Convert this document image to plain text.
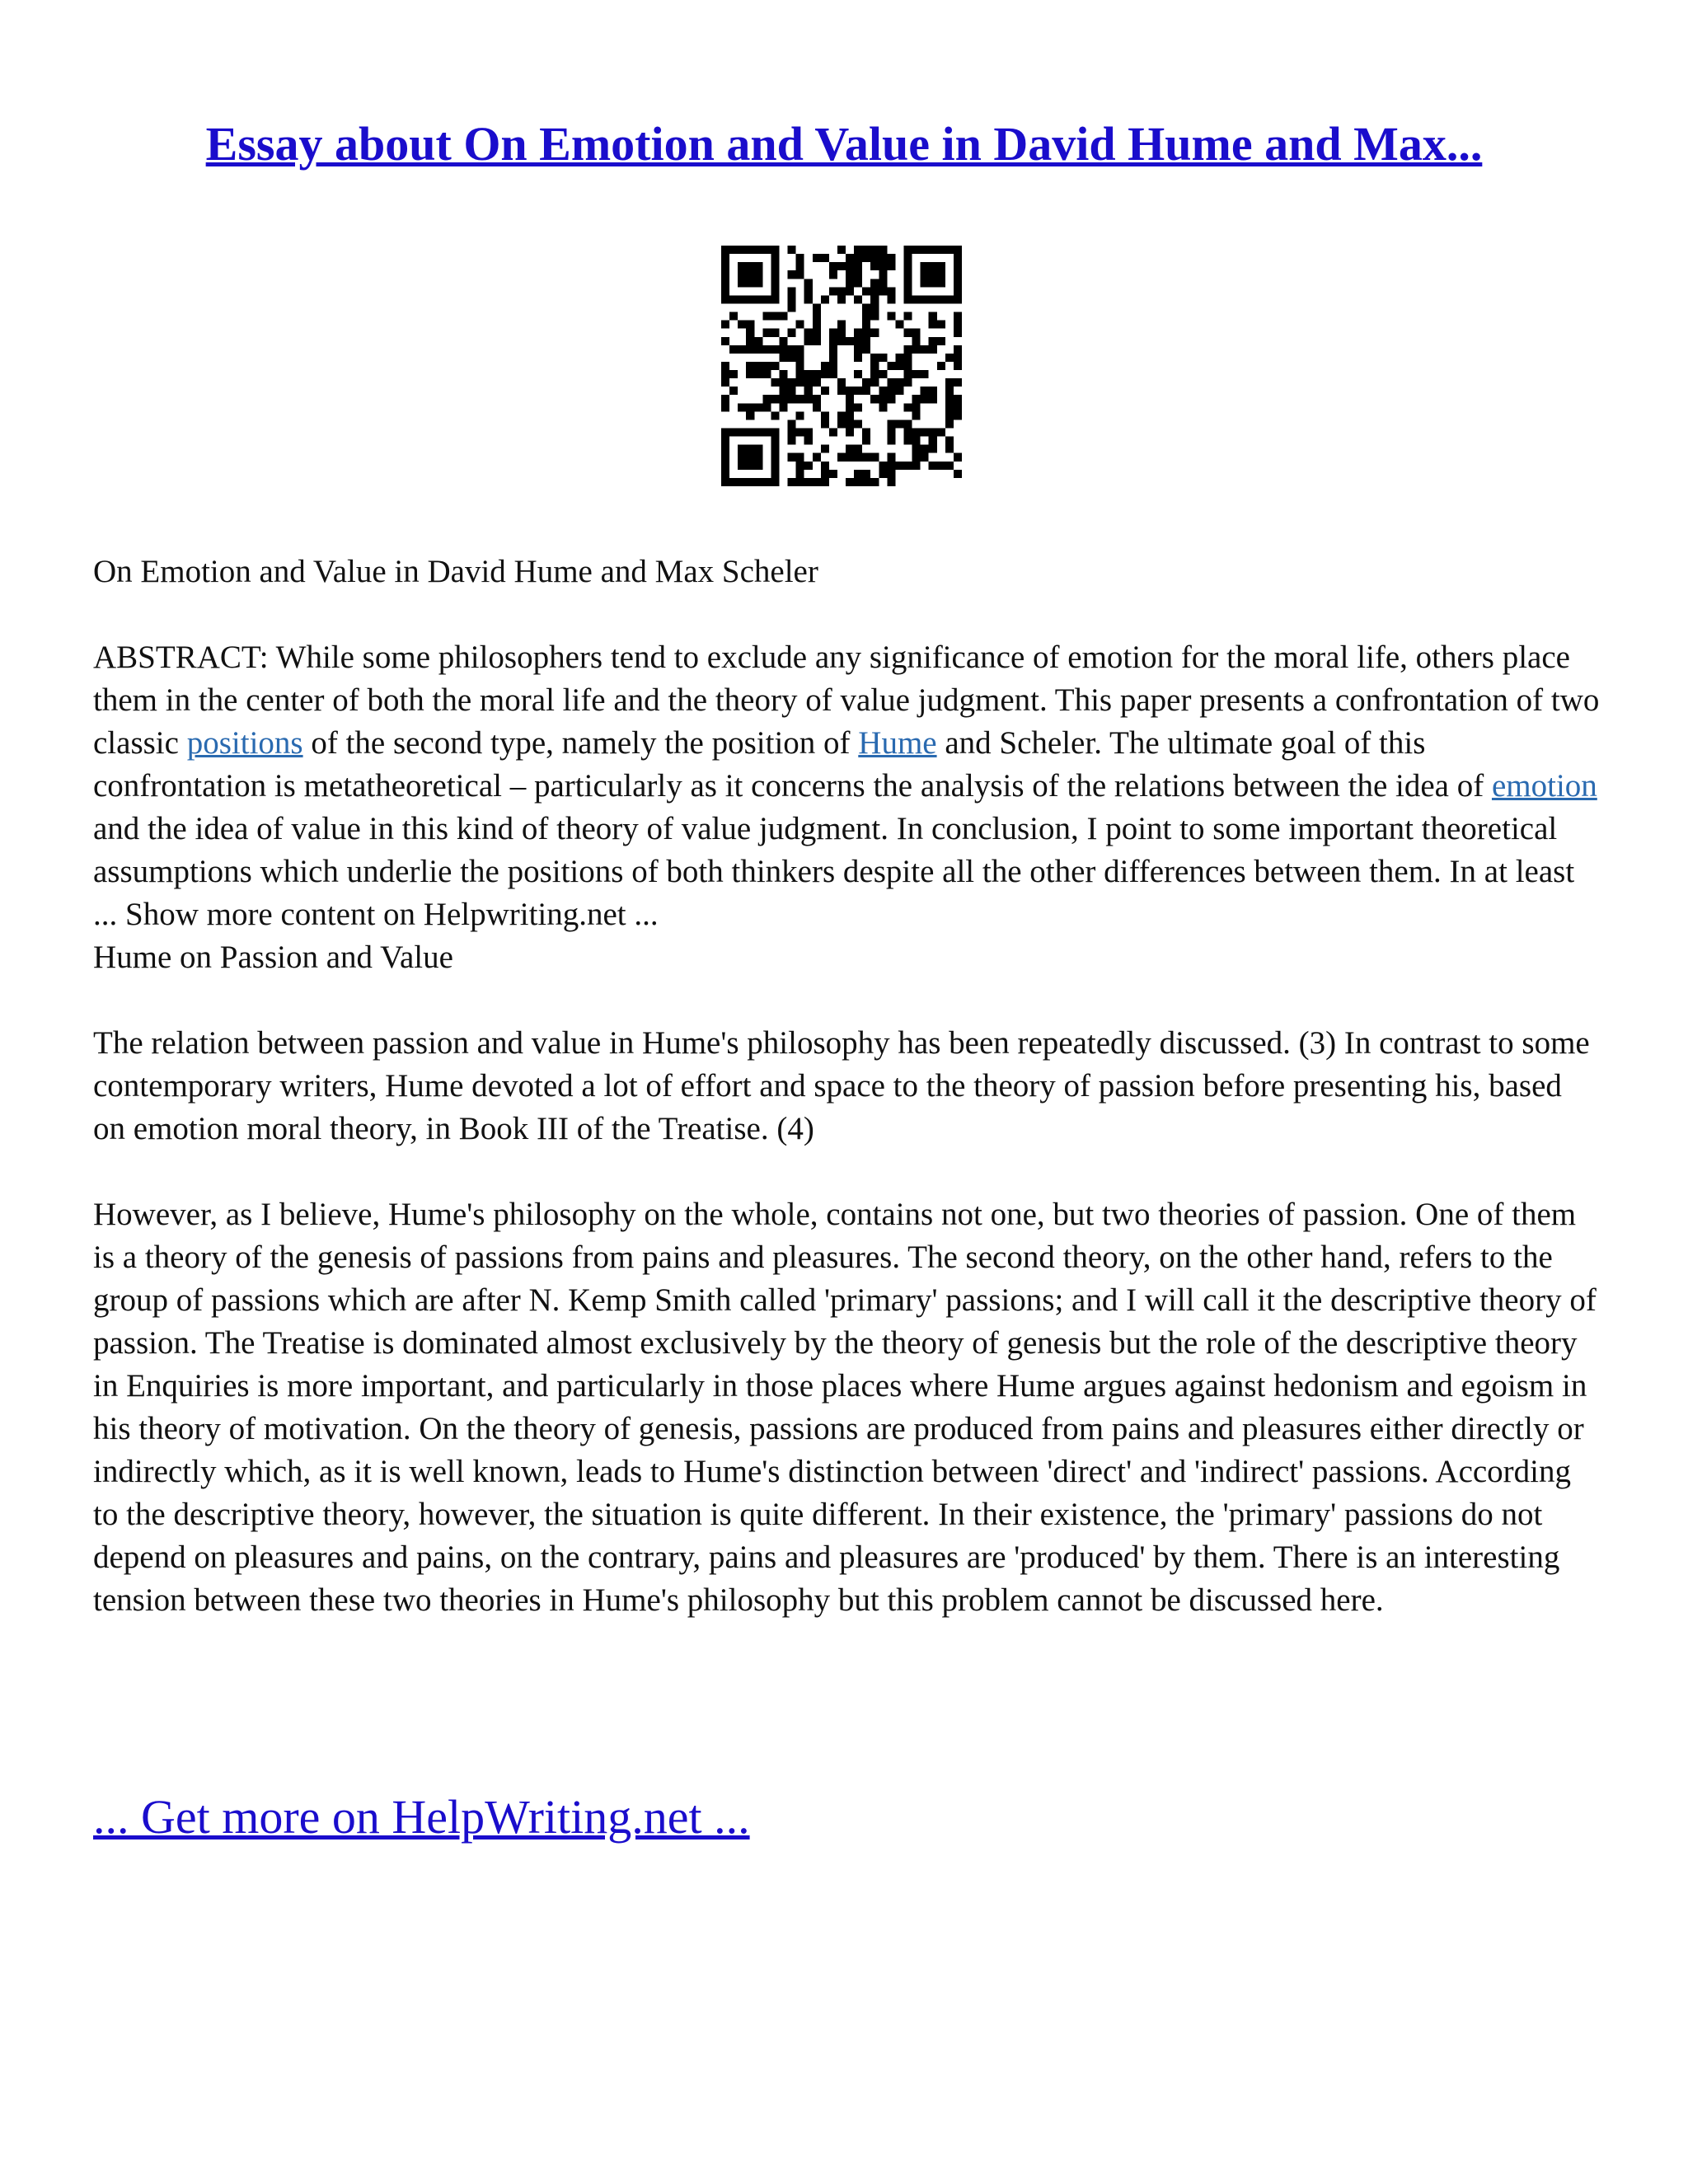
Essay about On Emotion and Value in David Hume and Max...

On Emotion and Value in David Hume and Max Scheler

ABSTRACT: While some philosophers tend to exclude any significance of emotion for the moral life, others place them in the center of both the moral life and the theory of value judgment. This paper presents a confrontation of two classic positions of the second type, namely the position of Hume and Scheler. The ultimate goal of this confrontation is metatheoretical – particularly as it concerns the analysis of the relations between the idea of emotion and the idea of value in this kind of theory of value judgment. In conclusion, I point to some important theoretical assumptions which underlie the positions of both thinkers despite all the other differences between them. In at least ... Show more content on Helpwriting.net ...

Hume on Passion and Value

The relation between passion and value in Hume's philosophy has been repeatedly discussed. (3) In contrast to some contemporary writers, Hume devoted a lot of effort and space to the theory of passion before presenting his, based on emotion moral theory, in Book III of the Treatise. (4)

However, as I believe, Hume's philosophy on the whole, contains not one, but two theories of passion. One of them is a theory of the genesis of passions from pains and pleasures. The second theory, on the other hand, refers to the group of passions which are after N. Kemp Smith called 'primary' passions; and I will call it the descriptive theory of passion. The Treatise is dominated almost exclusively by the theory of genesis but the role of the descriptive theory in Enquiries is more important, and particularly in those places where Hume argues against hedonism and egoism in his theory of motivation. On the theory of genesis, passions are produced from pains and pleasures either directly or indirectly which, as it is well known, leads to Hume's distinction between 'direct' and 'indirect' passions. According to the descriptive theory, however, the situation is quite different. In their existence, the 'primary' passions do not depend on pleasures and pains, on the contrary, pains and pleasures are 'produced' by them. There is an interesting tension between these two theories in Hume's philosophy but this problem cannot be discussed here.

... Get more on HelpWriting.net ...
